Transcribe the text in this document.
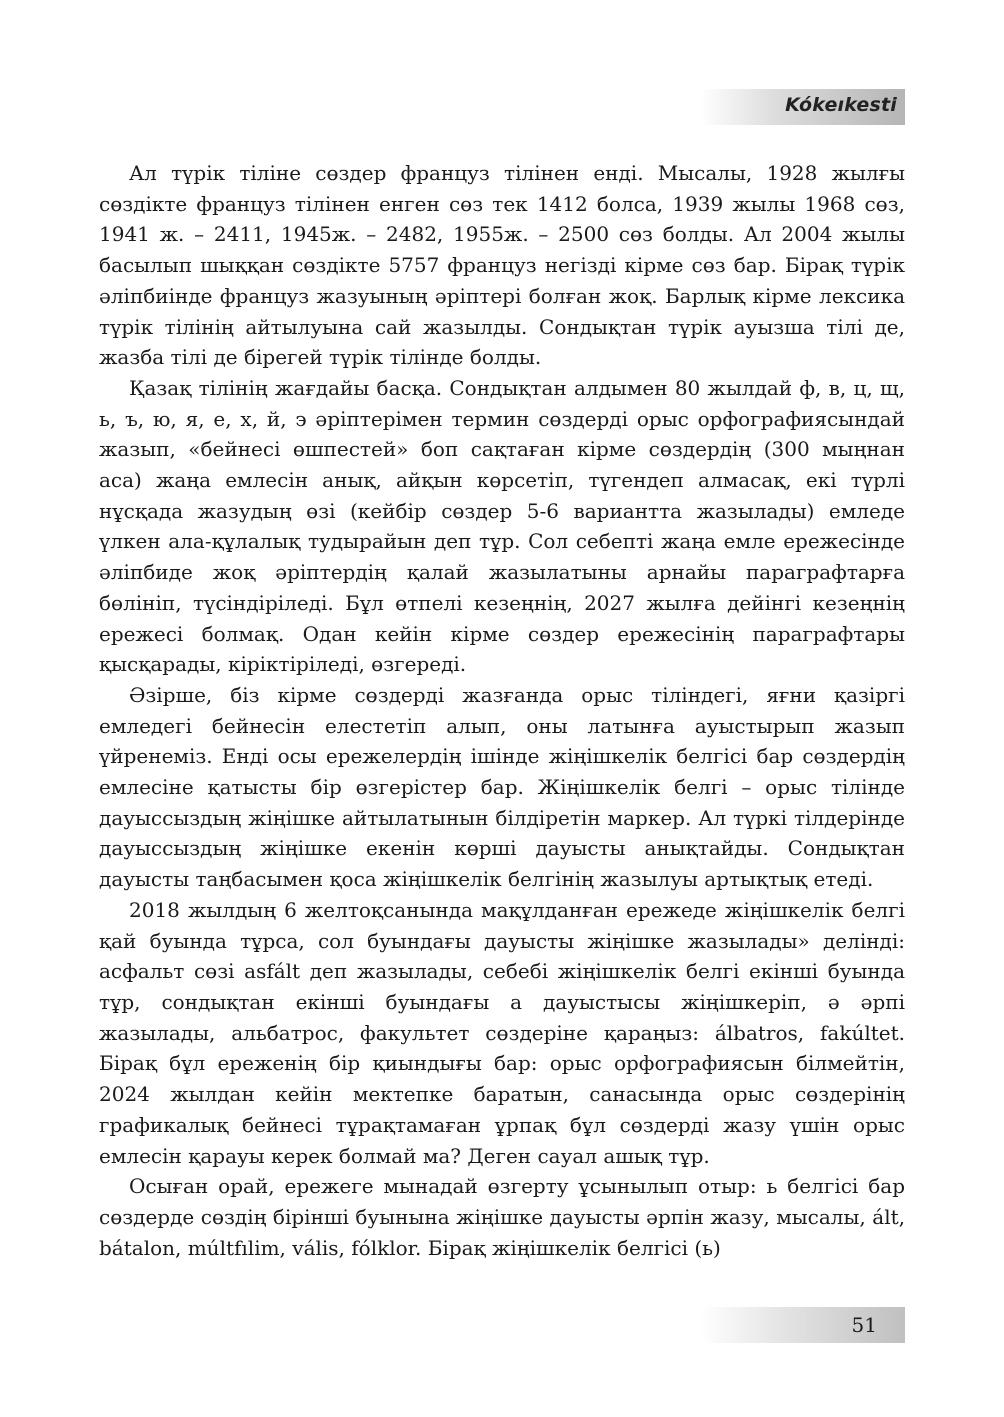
Kókeıkesti

Ал түрік тіліне сөздер француз тілінен енді. Мысалы, 1928 жылғы сөздікте француз тілінен енген сөз тек 1412 болса, 1939 жылы 1968 сөз, 1941 ж. – 2411, 1945ж. – 2482, 1955ж. – 2500 сөз болды. Ал 2004 жылы басылып шыққан сөздікте 5757 француз негізді кірме сөз бар. Бірақ түрік әліпбиінде француз жазуының әріптері болған жоқ. Барлық кірме лексика түрік тілінің айтылуына сай жазылды. Сондықтан түрік ауызша тілі де, жазба тілі де бірегей түрік тілінде болды.

Қазақ тілінің жағдайы басқа. Сондықтан алдымен 80 жылдай ф, в, ц, щ, ь, ъ, ю, я, е, х, й, э әріптерімен термин сөздерді орыс орфографиясындай жазып, «бейнесі өшпестей» боп сақтаған кірме сөздердің (300 мыңнан аса) жаңа емлесін анық, айқын көрсетіп, түгендеп алмасақ, екі түрлі нұсқада жазудың өзі (кейбір сөздер 5-6 вариантта жазылады) емледе үлкен ала-құлалық тудырайын деп тұр. Сол себепті жаңа емле ережесінде әліпбиде жоқ әріптердің қалай жазылатыны арнайы параграфтарға бөлініп, түсіндіріледі. Бұл өтпелі кезеңнің, 2027 жылға дейінгі кезеңнің ережесі болмақ. Одан кейін кірме сөздер ережесінің параграфтары қысқарады, кіріктіріледі, өзгереді.

Әзірше, біз кірме сөздерді жазғанда орыс тіліндегі, яғни қазіргі емледегі бейнесін елестетіп алып, оны латынға ауыстырып жазып үйренеміз. Енді осы ережелердің ішінде жіңішкелік белгісі бар сөздердің емлесіне қатысты бір өзгерістер бар. Жіңішкелік белгі – орыс тілінде дауыссыздың жіңішке айтылатынын білдіретін маркер. Ал түркі тілдерінде дауыссыздың жіңішке екенін көрші дауысты анықтайды. Сондықтан дауысты таңбасымен қоса жіңішкелік белгінің жазылуы артықтық етеді.

2018 жылдың 6 желтоқсанында мақұлданған ережеде жіңішкелік белгі қай буында тұрса, сол буындағы дауысты жіңішке жазылады» делінді: асфальт сөзі asfált деп жазылады, себебі жіңішкелік белгі екінші буында тұр, сондықтан екінші буындағы а дауыстысы жіңішкеріп, ә әрпі жазылады, альбатрос, факультет сөздеріне қараңыз: álbatros, fakúltet. Бірақ бұл ереженің бір қиындығы бар: орыс орфографиясын білмейтін, 2024 жылдан кейін мектепке баратын, санасында орыс сөздерінің графикалық бейнесі тұрақтамаған ұрпақ бұл сөздерді жазу үшін орыс емлесін қарауы керек болмай ма? Деген сауал ашық тұр.

Осыған орай, ережеге мынадай өзгерту ұсынылып отыр: ь белгісі бар сөздерде сөздің бірінші буынына жіңішке дауысты әрпін жазу, мысалы, ált, bátalon, múltfılim, vális, fólklor. Бірақ жіңішкелік белгісі (ь)

51
